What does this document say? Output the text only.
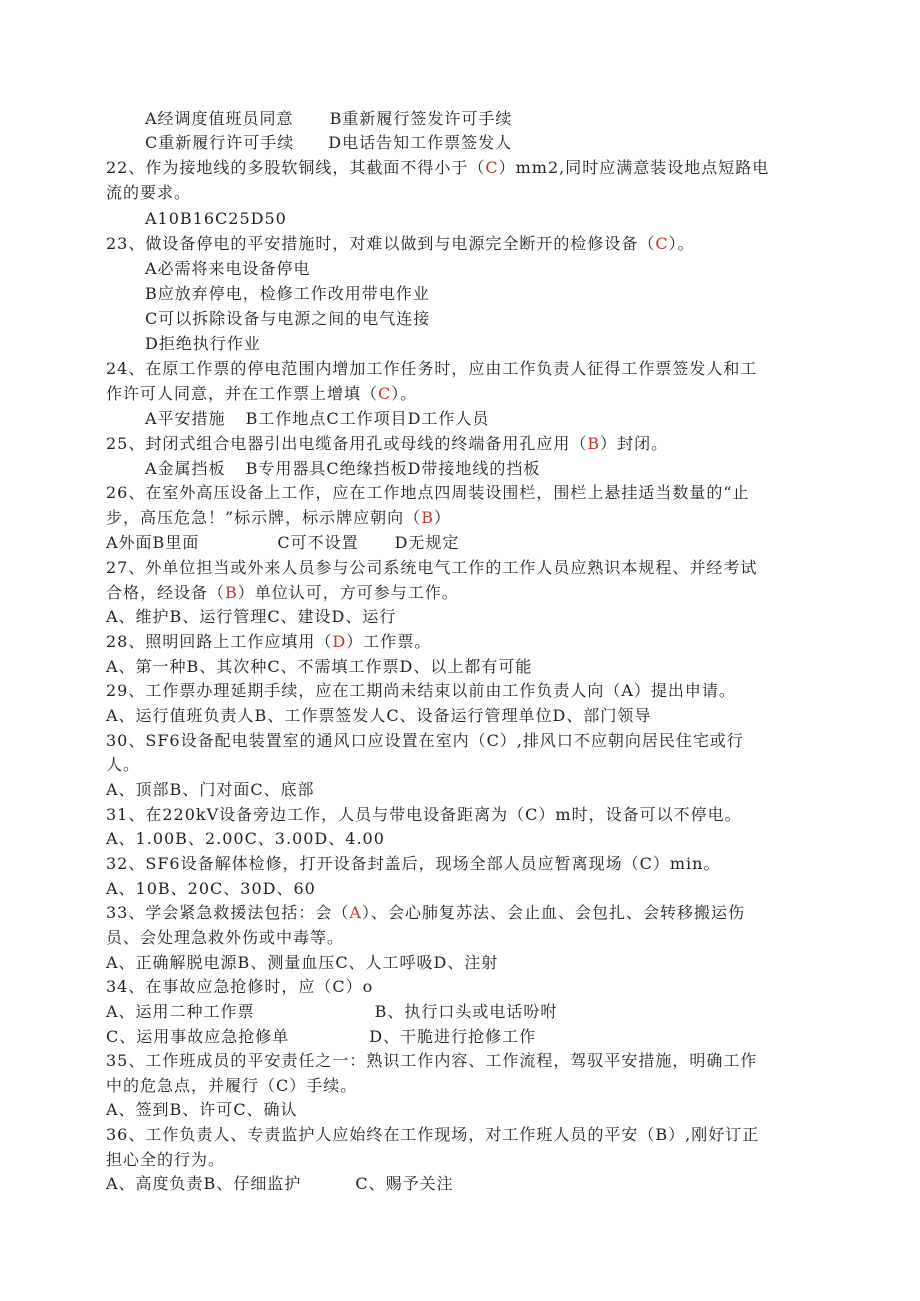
A经调度值班员同意 B重新履行签发许可手续
C重新履行许可手续 D电话告知工作票签发人
22、作为接地线的多股软铜线，其截面不得小于（C）mm2,同时应满意装设地点短路电
流的要求。
A10B16C25D50
23、做设备停电的平安措施时，对难以做到与电源完全断开的检修设备（C）。
A必需将来电设备停电
B应放弃停电，检修工作改用带电作业
C可以拆除设备与电源之间的电气连接
D拒绝执行作业
24、在原工作票的停电范围内增加工作任务时，应由工作负责人征得工作票签发人和工
作许可人同意，并在工作票上增填（C）。
A平安措施 B工作地点C工作项目D工作人员
25、封闭式组合电器引出电缆备用孔或母线的终端备用孔应用（B）封闭。
A金属挡板 B专用器具C绝缘挡板D带接地线的挡板
26、在室外高压设备上工作，应在工作地点四周装设围栏，围栏上悬挂适当数量的“止
步，高压危急！”标示牌，标示牌应朝向（B）
A外面B里面	C可不设置 D无规定
27、外单位担当或外来人员参与公司系统电气工作的工作人员应熟识本规程、并经考试
合格，经设备（B）单位认可，方可参与工作。
A、维护B、运行管理C、建设D、运行
28、照明回路上工作应填用（D）工作票。
A、第一种B、其次种C、不需填工作票D、以上都有可能
29、工作票办理延期手续，应在工期尚未结束以前由工作负责人向（A）提出申请。
A、运行值班负责人B、工作票签发人C、设备运行管理单位D、部门领导
30、SF6设备配电装置室的通风口应设置在室内（C）,排风口不应朝向居民住宅或行
人。
A、顶部B、门对面C、底部
31、在220kV设备旁边工作，人员与带电设备距离为（C）m时，设备可以不停电。
A、1.00B、2.00C、3.00D、4.00
32、SF6设备解体检修，打开设备封盖后，现场全部人员应暂离现场（C）min。
A、10B、20C、30D、60
33、学会紧急救援法包括：会（A）、会心肺复苏法、会止血、会包扎、会转移搬运伤
员、会处理急救外伤或中毒等。
A、正确解脱电源B、测量血压C、人工呼吸D、注射
34、在事故应急抢修时，应（C）o
A、运用二种工作票	B、执行口头或电话吩咐
C、运用事故应急抢修单	D、干脆进行抢修工作
35、工作班成员的平安责任之一：熟识工作内容、工作流程，驾驭平安措施，明确工作
中的危急点，并履行（C）手续。
A、签到B、许可C、确认
36、工作负责人、专责监护人应始终在工作现场，对工作班人员的平安（B）,刚好订正
担心全的行为。
A、高度负责B、仔细监护	C、赐予关注
